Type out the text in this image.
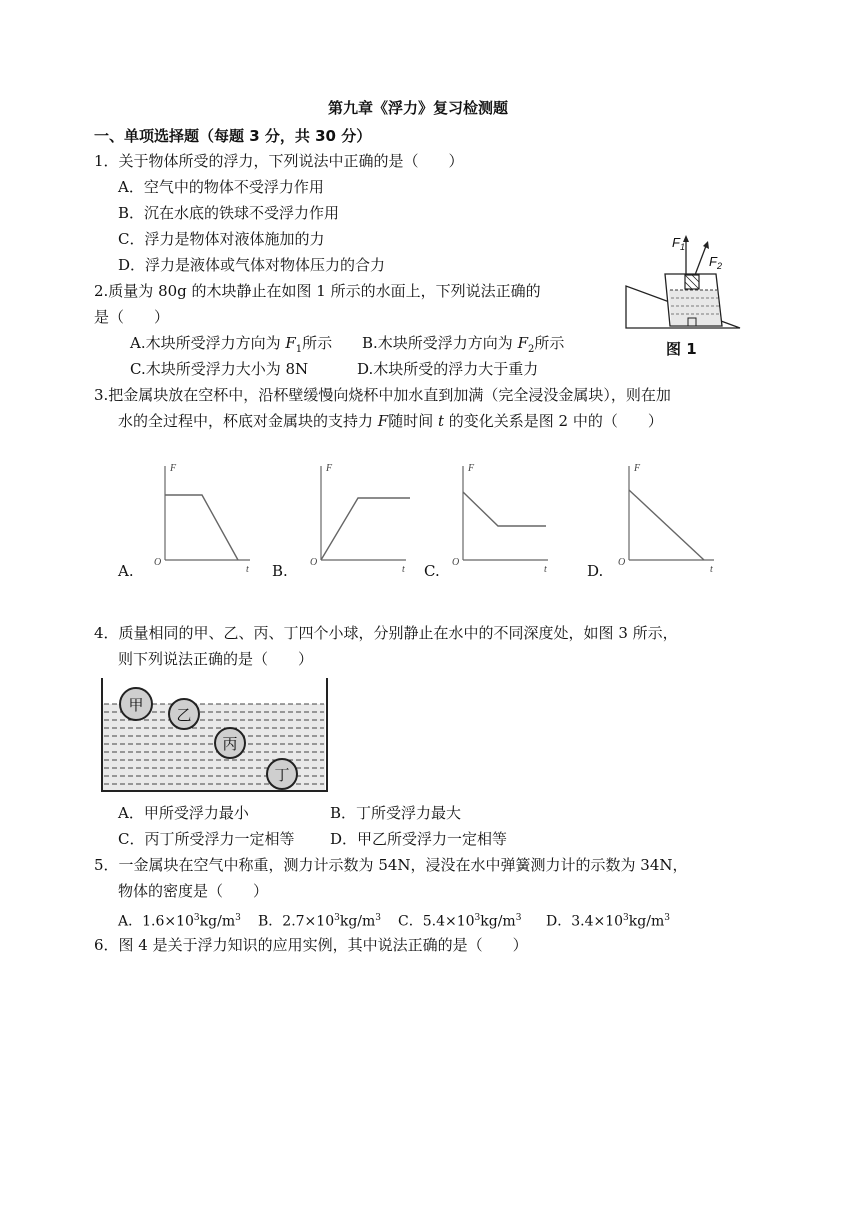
第九章《浮力》复习检测题
一、单项选择题（每题 3 分，共 30 分）
1．关于物体所受的浮力，下列说法中正确的是（　　）
A．空气中的物体不受浮力作用
B．沉在水底的铁球不受浮力作用
C．浮力是物体对液体施加的力
D．浮力是液体或气体对物体压力的合力
2.质量为 80g 的木块静止在如图 1 所示的水面上，下列说法正确的
是（　　）
A.木块所受浮力方向为 $F_1$所示 B.木块所受浮力方向为 $F_2$所示
C.木块所受浮力大小为 8N	D.木块所受的浮力大于重力
$F_1$
$F_2$
图 1
3.把金属块放在空杯中，沿杯壁缓慢向烧杯中加水直到加满（完全浸没金属块），则在加
水的全过程中，杯底对金属块的支持力 F随时间 t 的变化关系是图 2 中的（　　）
F
t
O
A.
F
t
O
B.
F
t
O
C.
F
t
O
D.
4．质量相同的甲、乙、丙、丁四个小球，分别静止在水中的不同深度处，如图 3 所示，
则下列说法正确的是（　　）
甲
乙
丙
丁
A．甲所受浮力最小	B．丁所受浮力最大
C．丙丁所受浮力一定相等 D．甲乙所受浮力一定相等
5．一金属块在空气中称重，测力计示数为 54N，浸没在水中弹簧测力计的示数为 34N，
物体的密度是（　　）
A．$1.6\times 10^3kg/m^3$ B．$2.7\times 10^3kg/m^3$ C．$5.4\times 10^3kg/m^3$ D．$3.4\times 10^3kg/m^3$
6．图 4 是关于浮力知识的应用实例，其中说法正确的是（　　）
